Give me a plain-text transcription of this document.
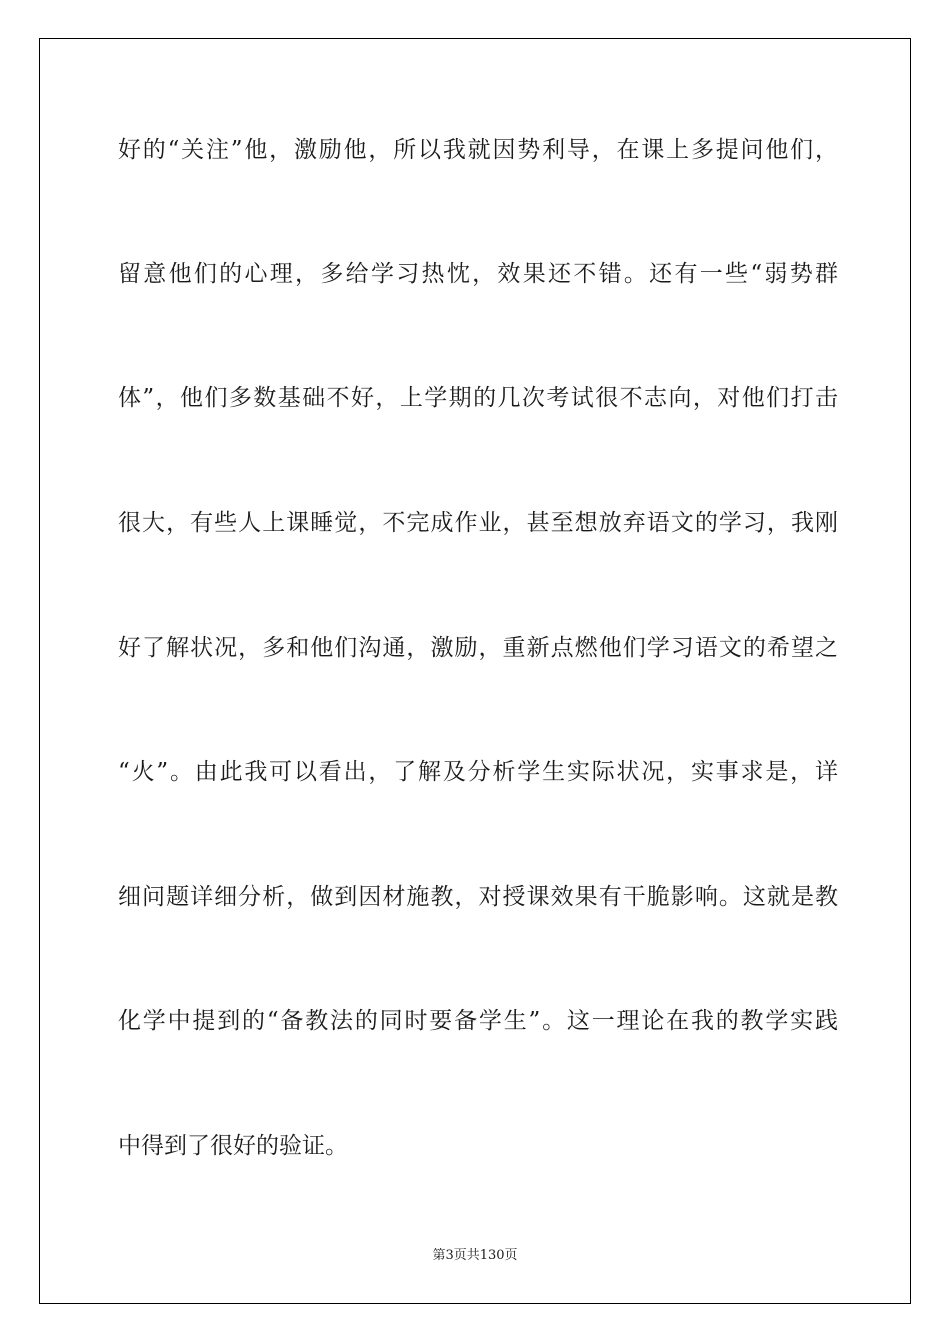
好的“关注”他，激励他，所以我就因势利导，在课上多提问他们，
留意他们的心理，多给学习热忱，效果还不错。还有一些“弱势群
体”，他们多数基础不好，上学期的几次考试很不志向，对他们打击
很大，有些人上课睡觉，不完成作业，甚至想放弃语文的学习，我刚
好了解状况，多和他们沟通，激励，重新点燃他们学习语文的希望之
“火”。由此我可以看出，了解及分析学生实际状况，实事求是，详
细问题详细分析，做到因材施教，对授课效果有干脆影响。这就是教
化学中提到的“备教法的同时要备学生”。这一理论在我的教学实践
中得到了很好的验证。
第3页共130页
